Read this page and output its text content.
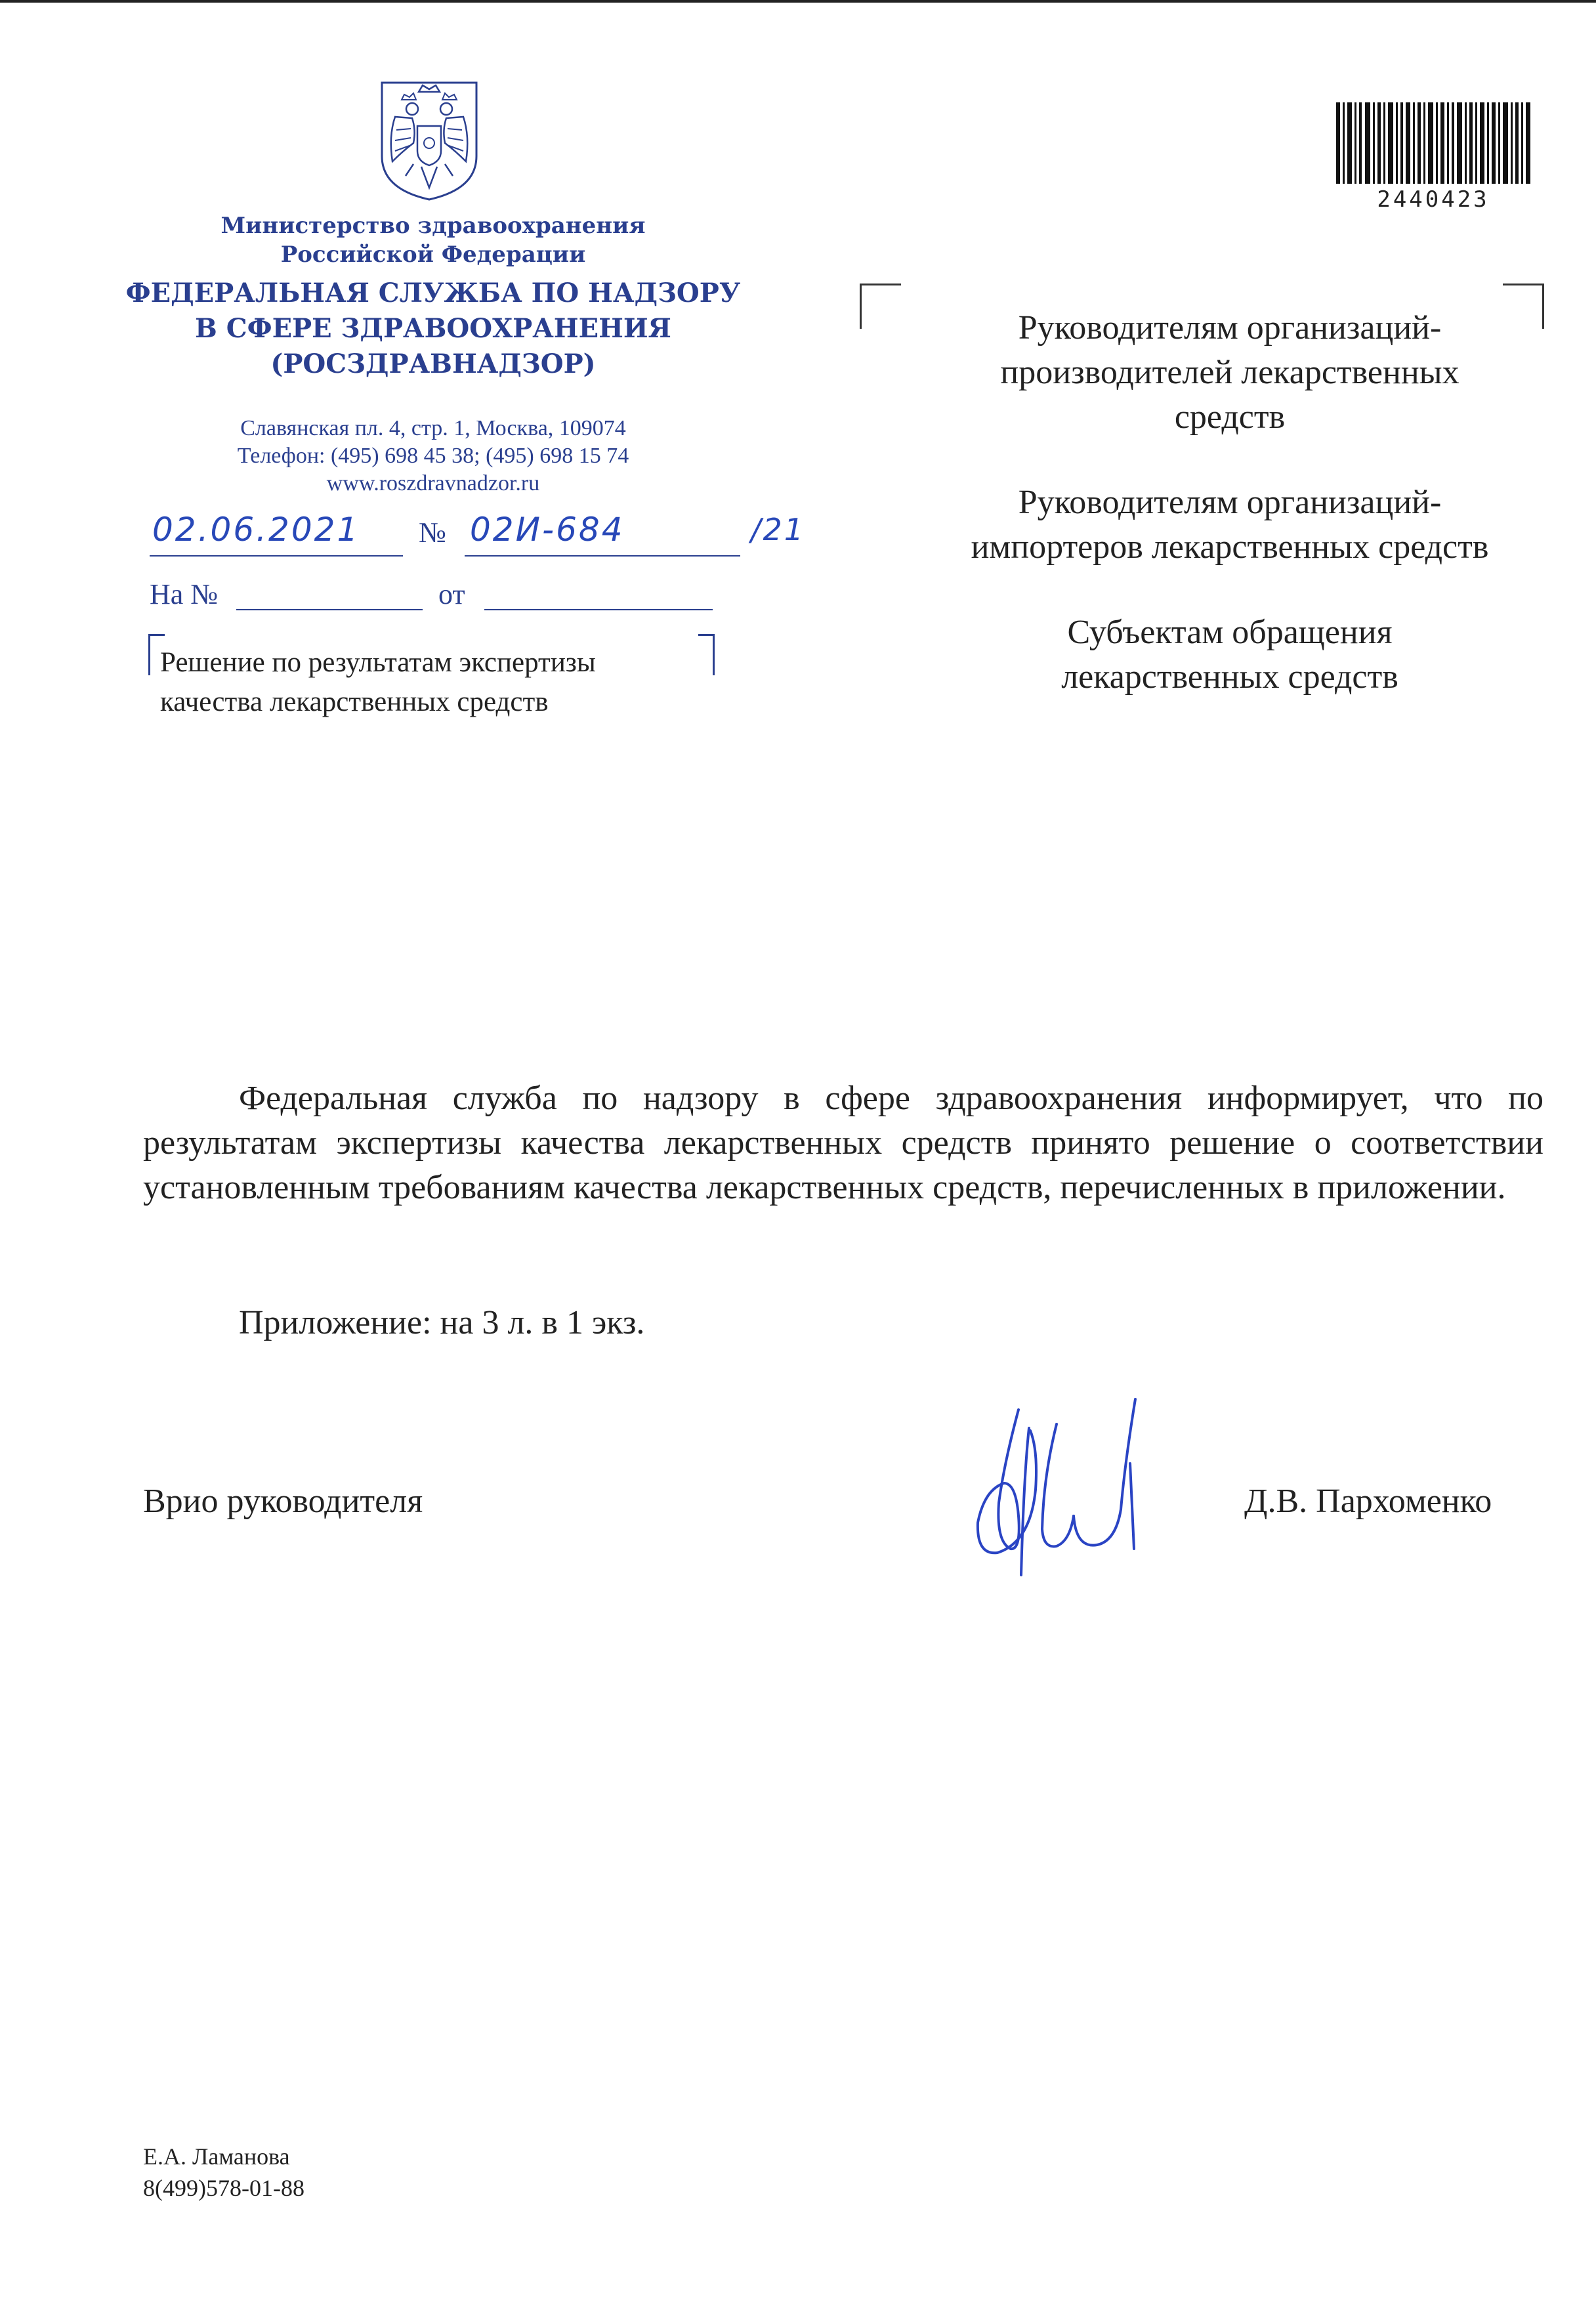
Министерство здравоохранения
Российской Федерации
ФЕДЕРАЛЬНАЯ СЛУЖБА ПО НАДЗОРУ
В СФЕРЕ ЗДРАВООХРАНЕНИЯ
(РОСЗДРАВНАДЗОР)
Славянская пл. 4, стр. 1, Москва, 109074
Телефон: (495) 698 45 38; (495) 698 15 74
www.roszdravnadzor.ru
02.06.2021 № 02И-684	/21
На №	от
Решение по результатам экспертизы
качества лекарственных средств
2440423
Руководителям организаций-
производителей лекарственных
средств
Руководителям организаций-
импортеров лекарственных средств
Субъектам обращения
лекарственных средств
Федеральная служба по надзору в сфере здравоохранения информирует, что по результатам экспертизы качества лекарственных средств принято решение о соответствии установленным требованиям качества лекарственных средств, перечисленных в приложении.
Приложение: на 3 л. в 1 экз.
Врио руководителя	Д.В. Пархоменко
Е.А. Ламанова
8(499)578-01-88
